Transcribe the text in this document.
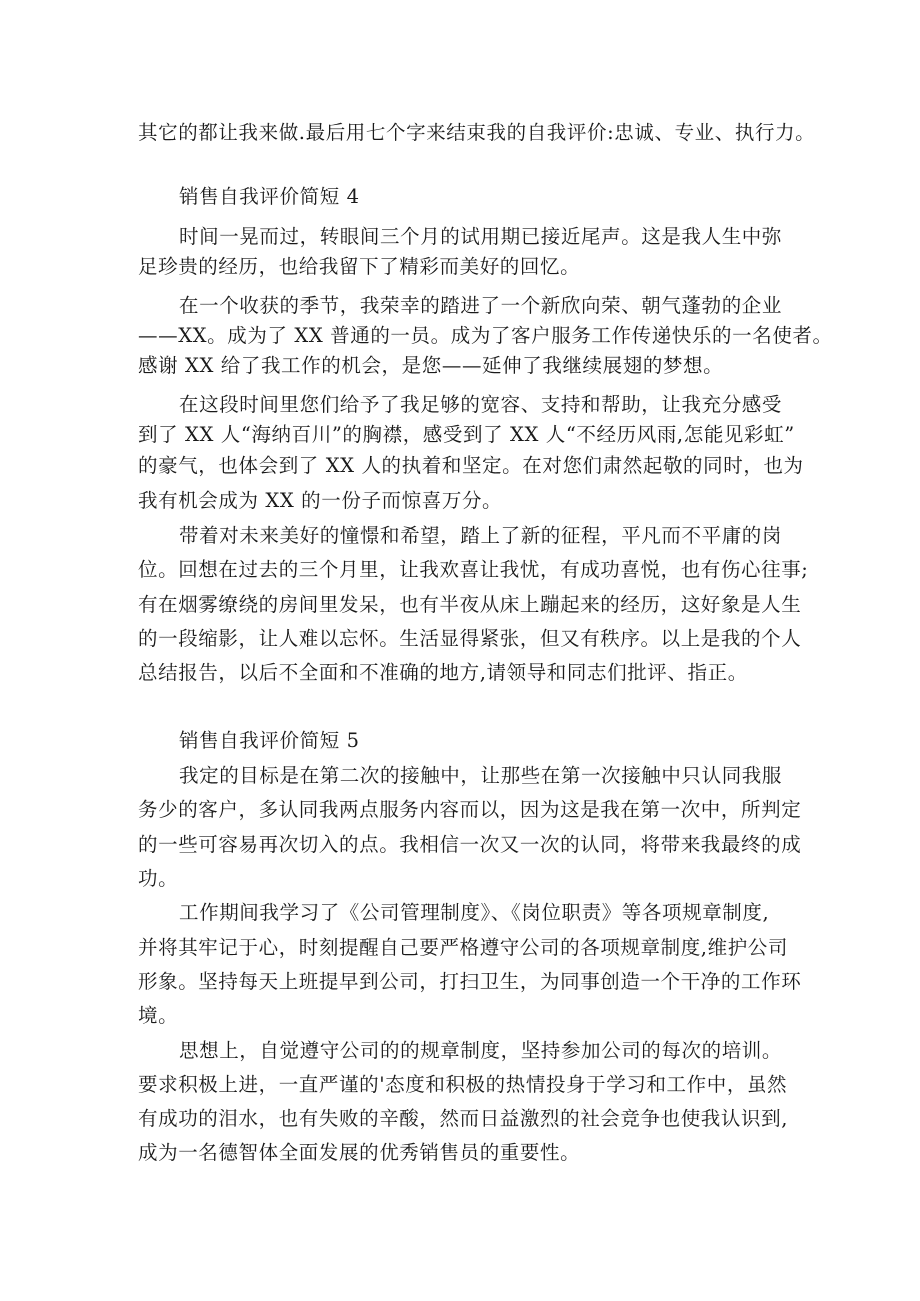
其它的都让我来做.最后用七个字来结束我的自我评价:忠诚、专业、执行力。
销售自我评价简短 4
时间一晃而过，转眼间三个月的试用期已接近尾声。这是我人生中弥
足珍贵的经历，也给我留下了精彩而美好的回忆。
在一个收获的季节，我荣幸的踏进了一个新欣向荣、朝气蓬勃的企业
——XX。成为了 XX 普通的一员。成为了客户服务工作传递快乐的一名使者。
感谢 XX 给了我工作的机会，是您——延伸了我继续展翅的梦想。
在这段时间里您们给予了我足够的宽容、支持和帮助，让我充分感受
到了 XX 人“海纳百川”的胸襟，感受到了 XX 人“不经历风雨,怎能见彩虹”
的豪气，也体会到了 XX 人的执着和坚定。在对您们肃然起敬的同时，也为
我有机会成为 XX 的一份子而惊喜万分。
带着对未来美好的憧憬和希望，踏上了新的征程，平凡而不平庸的岗
位。回想在过去的三个月里，让我欢喜让我忧，有成功喜悦，也有伤心往事;
有在烟雾缭绕的房间里发呆，也有半夜从床上蹦起来的经历，这好象是人生
的一段缩影，让人难以忘怀。生活显得紧张，但又有秩序。以上是我的个人
总结报告，以后不全面和不准确的地方,请领导和同志们批评、指正。
销售自我评价简短 5
我定的目标是在第二次的接触中，让那些在第一次接触中只认同我服
务少的客户，多认同我两点服务内容而以，因为这是我在第一次中，所判定
的一些可容易再次切入的点。我相信一次又一次的认同，将带来我最终的成
功。
工作期间我学习了《公司管理制度》、《岗位职责》等各项规章制度,
并将其牢记于心，时刻提醒自己要严格遵守公司的各项规章制度,维护公司
形象。坚持每天上班提早到公司，打扫卫生，为同事创造一个干净的工作环
境。
思想上，自觉遵守公司的的规章制度，坚持参加公司的每次的培训。
要求积极上进，一直严谨的'态度和积极的热情投身于学习和工作中，虽然
有成功的泪水，也有失败的辛酸，然而日益激烈的社会竞争也使我认识到,
成为一名德智体全面发展的优秀销售员的重要性。
